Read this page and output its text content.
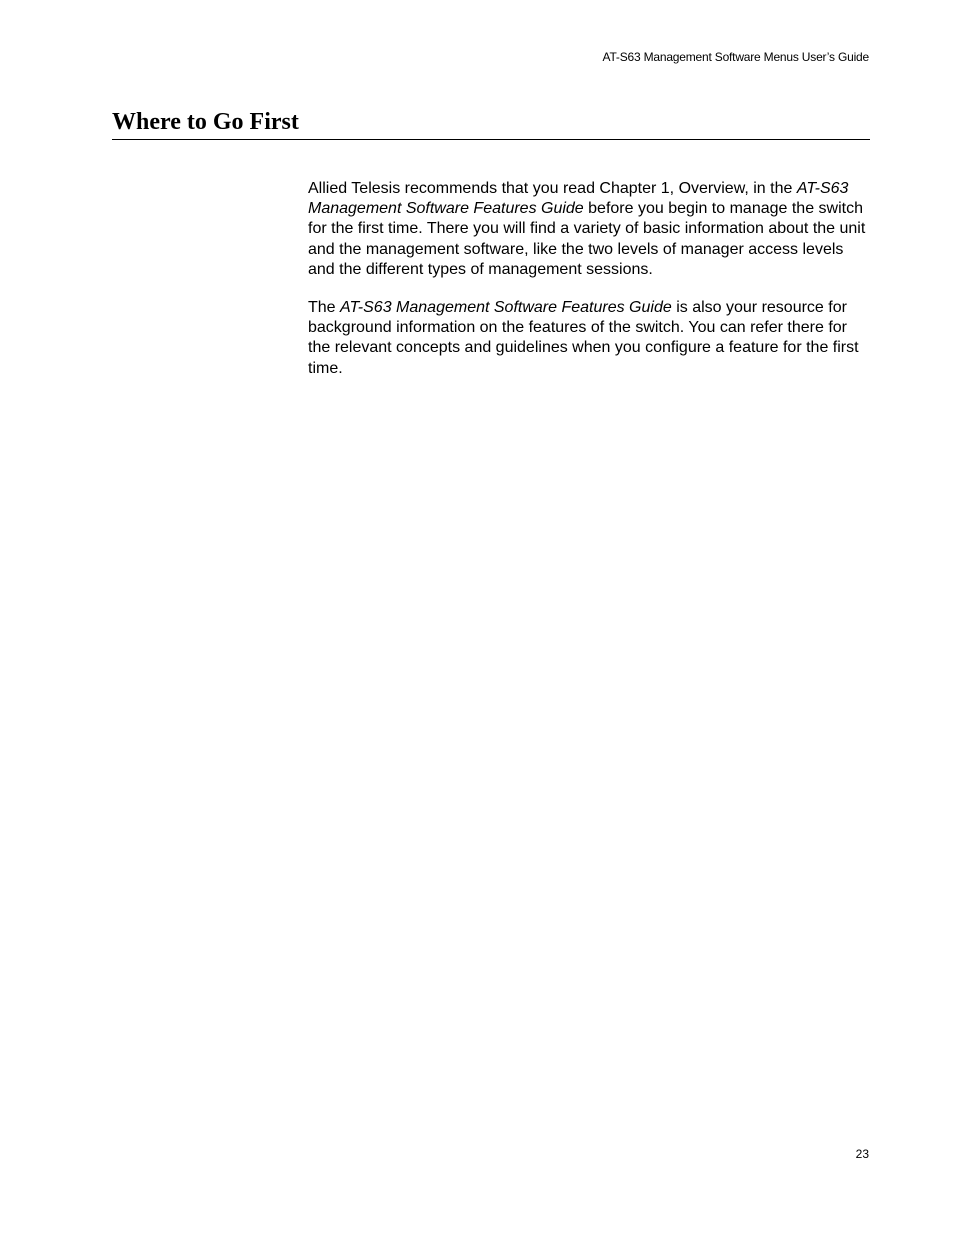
AT-S63 Management Software Menus User’s Guide
Where to Go First

Allied Telesis recommends that you read Chapter 1, Overview, in the AT-S63 Management Software Features Guide before you begin to manage the switch for the first time. There you will find a variety of basic information about the unit and the management software, like the two levels of manager access levels and the different types of management sessions.

The AT-S63 Management Software Features Guide is also your resource for background information on the features of the switch. You can refer there for the relevant concepts and guidelines when you configure a feature for the first time.

23
